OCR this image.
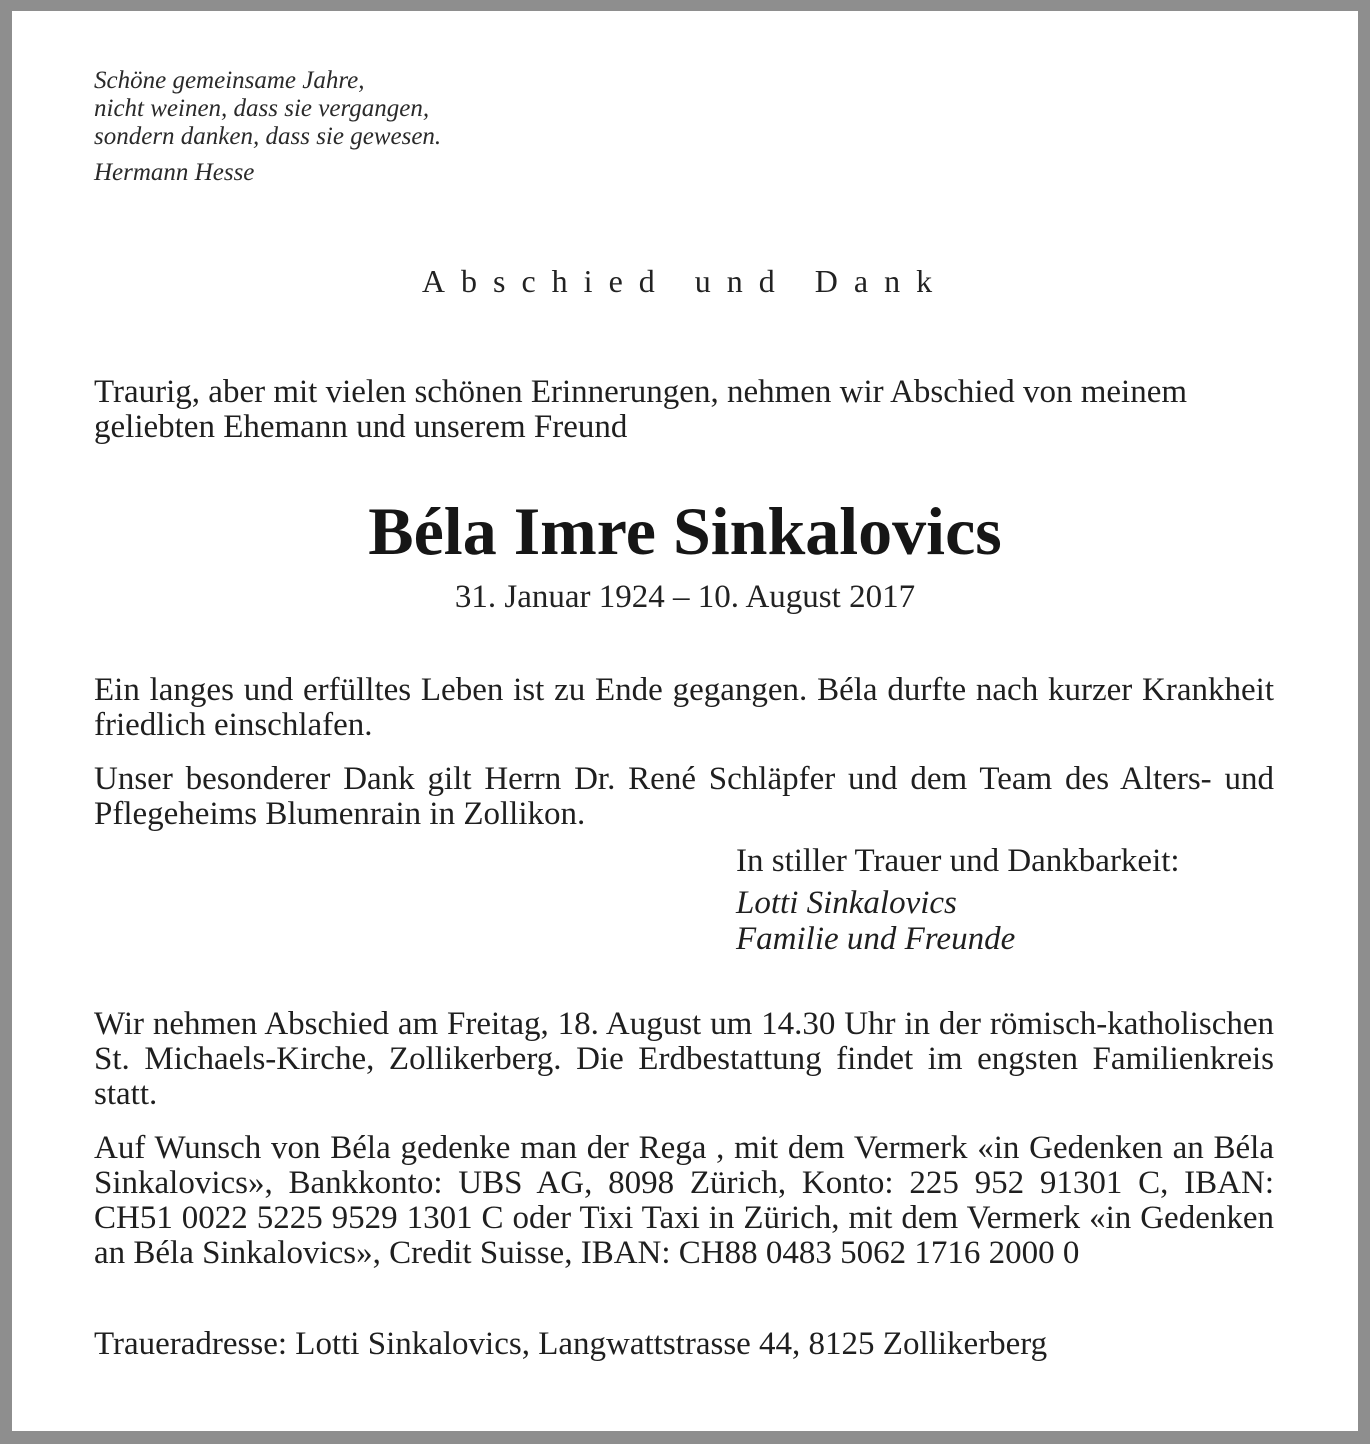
Schöne gemeinsame Jahre,
nicht weinen, dass sie vergangen,
sondern danken, dass sie gewesen.
Hermann Hesse
Abschied und Dank
Traurig, aber mit vielen schönen Erinnerungen, nehmen wir Abschied von meinem geliebten Ehemann und unserem Freund
Béla Imre Sinkalovics
31. Januar 1924 – 10. August 2017
Ein langes und erfülltes Leben ist zu Ende gegangen. Béla durfte nach kurzer Krankheit friedlich einschlafen.
Unser besonderer Dank gilt Herrn Dr. René Schläpfer und dem Team des Alters- und Pflegeheims Blumenrain in Zollikon.
In stiller Trauer und Dankbarkeit:
Lotti Sinkalovics
Familie und Freunde
Wir nehmen Abschied am Freitag, 18. August um 14.30 Uhr in der römisch-katholischen St. Michaels-Kirche, Zollikerberg. Die Erdbestattung findet im engsten Familienkreis statt.
Auf Wunsch von Béla gedenke man der Rega , mit dem Vermerk «in Gedenken an Béla Sinkalovics», Bankkonto: UBS AG, 8098 Zürich, Konto: 225 952 91301 C, IBAN: CH51 0022 5225 9529 1301 C oder Tixi Taxi in Zürich, mit dem Vermerk «in Gedenken an Béla Sinkalovics», Credit Suisse, IBAN: CH88 0483 5062 1716 2000 0
Traueradresse: Lotti Sinkalovics, Langwattstrasse 44, 8125 Zollikerberg
